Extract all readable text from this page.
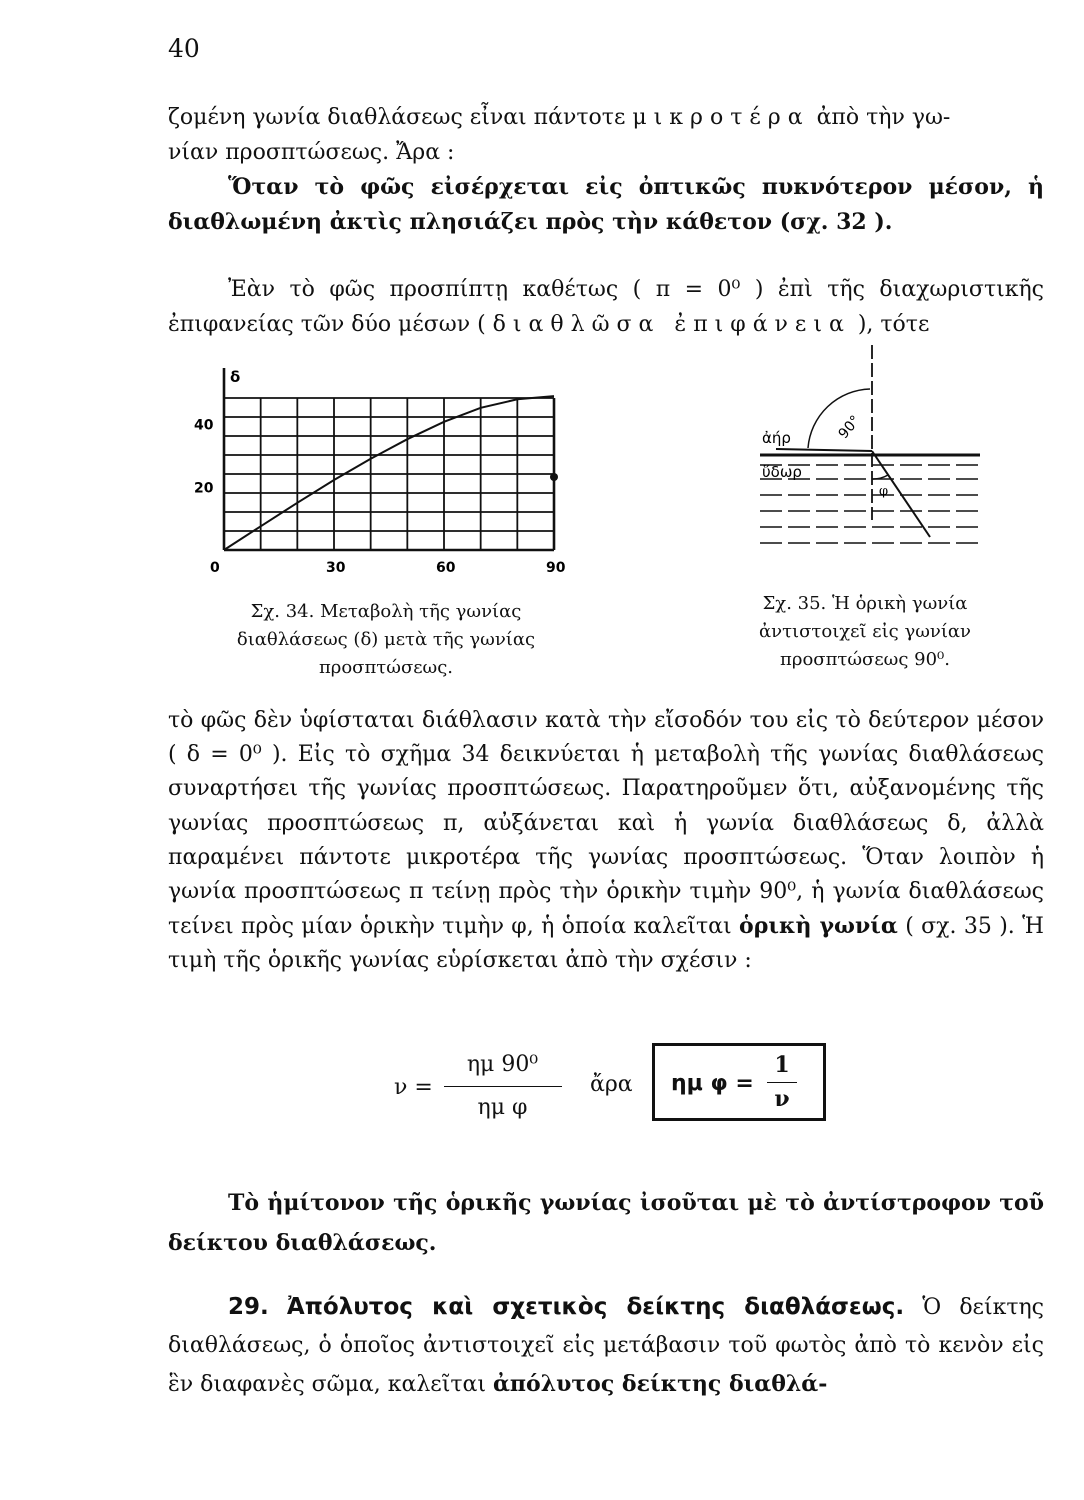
40

ζομένη γωνία διαθλάσεως εἶναι πάντοτε μικροτέρα ἀπὸ τὴν γω-

νίαν προσπτώσεως. Ἄρα :

Ὅταν τὸ φῶς εἰσέρχεται εἰς ὀπτικῶς πυκνότερον μέσον, ἡ διαθλωμένη ἀκτὶς πλησιάζει πρὸς τὴν κάθετον (σχ. 32 ).

Ἐὰν τὸ φῶς προσπίπτῃ καθέτως ( π = 0⁰ ) ἐπὶ τῆς διαχωριστικῆς ἐπιφανείας τῶν δύο μέσων ( διαθλῶσα ἐπιφάνεια ), τότε
δ
20
40
0	30	60	90
Σχ. 34. Μεταβολὴ τῆς γωνίας διαθλάσεως (δ) μετὰ τῆς γωνίας προσπτώσεως.
ἀήρ
ὕδωρ
90°
φ
Σχ. 35. Ἡ ὁρικὴ γωνία ἀντιστοιχεῖ εἰς γωνίαν προσπτώσεως 90⁰.
τὸ φῶς δὲν ὑφίσταται διάθλασιν κατὰ τὴν εἴσοδόν του εἰς τὸ δεύτερον μέσον ( δ = 0⁰ ). Εἰς τὸ σχῆμα 34 δεικνύεται ἡ μεταβολὴ τῆς γωνίας διαθλάσεως συναρτήσει τῆς γωνίας προσπτώσεως. Παρατηροῦμεν ὅτι, αὐξανομένης τῆς γωνίας προσπτώσεως π, αὐξάνεται καὶ ἡ γωνία διαθλάσεως δ, ἀλλὰ παραμένει πάντοτε μικροτέρα τῆς γωνίας προσπτώσεως. Ὅταν λοιπὸν ἡ γωνία προσπτώσεως π τείνῃ πρὸς τὴν ὁρικὴν τιμὴν 90⁰, ἡ γωνία διαθλάσεως τείνει πρὸς μίαν ὁρικὴν τιμὴν φ, ἡ ὁποία καλεῖται ὁρικὴ γωνία ( σχ. 35 ). Ἡ τιμὴ τῆς ὁρικῆς γωνίας εὑρίσκεται ἀπὸ τὴν σχέσιν :
ν =
ημ 90⁰
ημ φ
ἄρα ημ φ =
1
ν
Τὸ ἡμίτονον τῆς ὁρικῆς γωνίας ἰσοῦται μὲ τὸ ἀντίστροφον τοῦ δείκτου διαθλάσεως.
29. Ἀπόλυτος καὶ σχετικὸς δείκτης διαθλάσεως. Ὁ δείκτης διαθλάσεως, ὁ ὁποῖος ἀντιστοιχεῖ εἰς μετάβασιν τοῦ φωτὸς ἀπὸ τὸ κενὸν εἰς ἓν διαφανὲς σῶμα, καλεῖται ἀπόλυτος δείκτης διαθλά-
